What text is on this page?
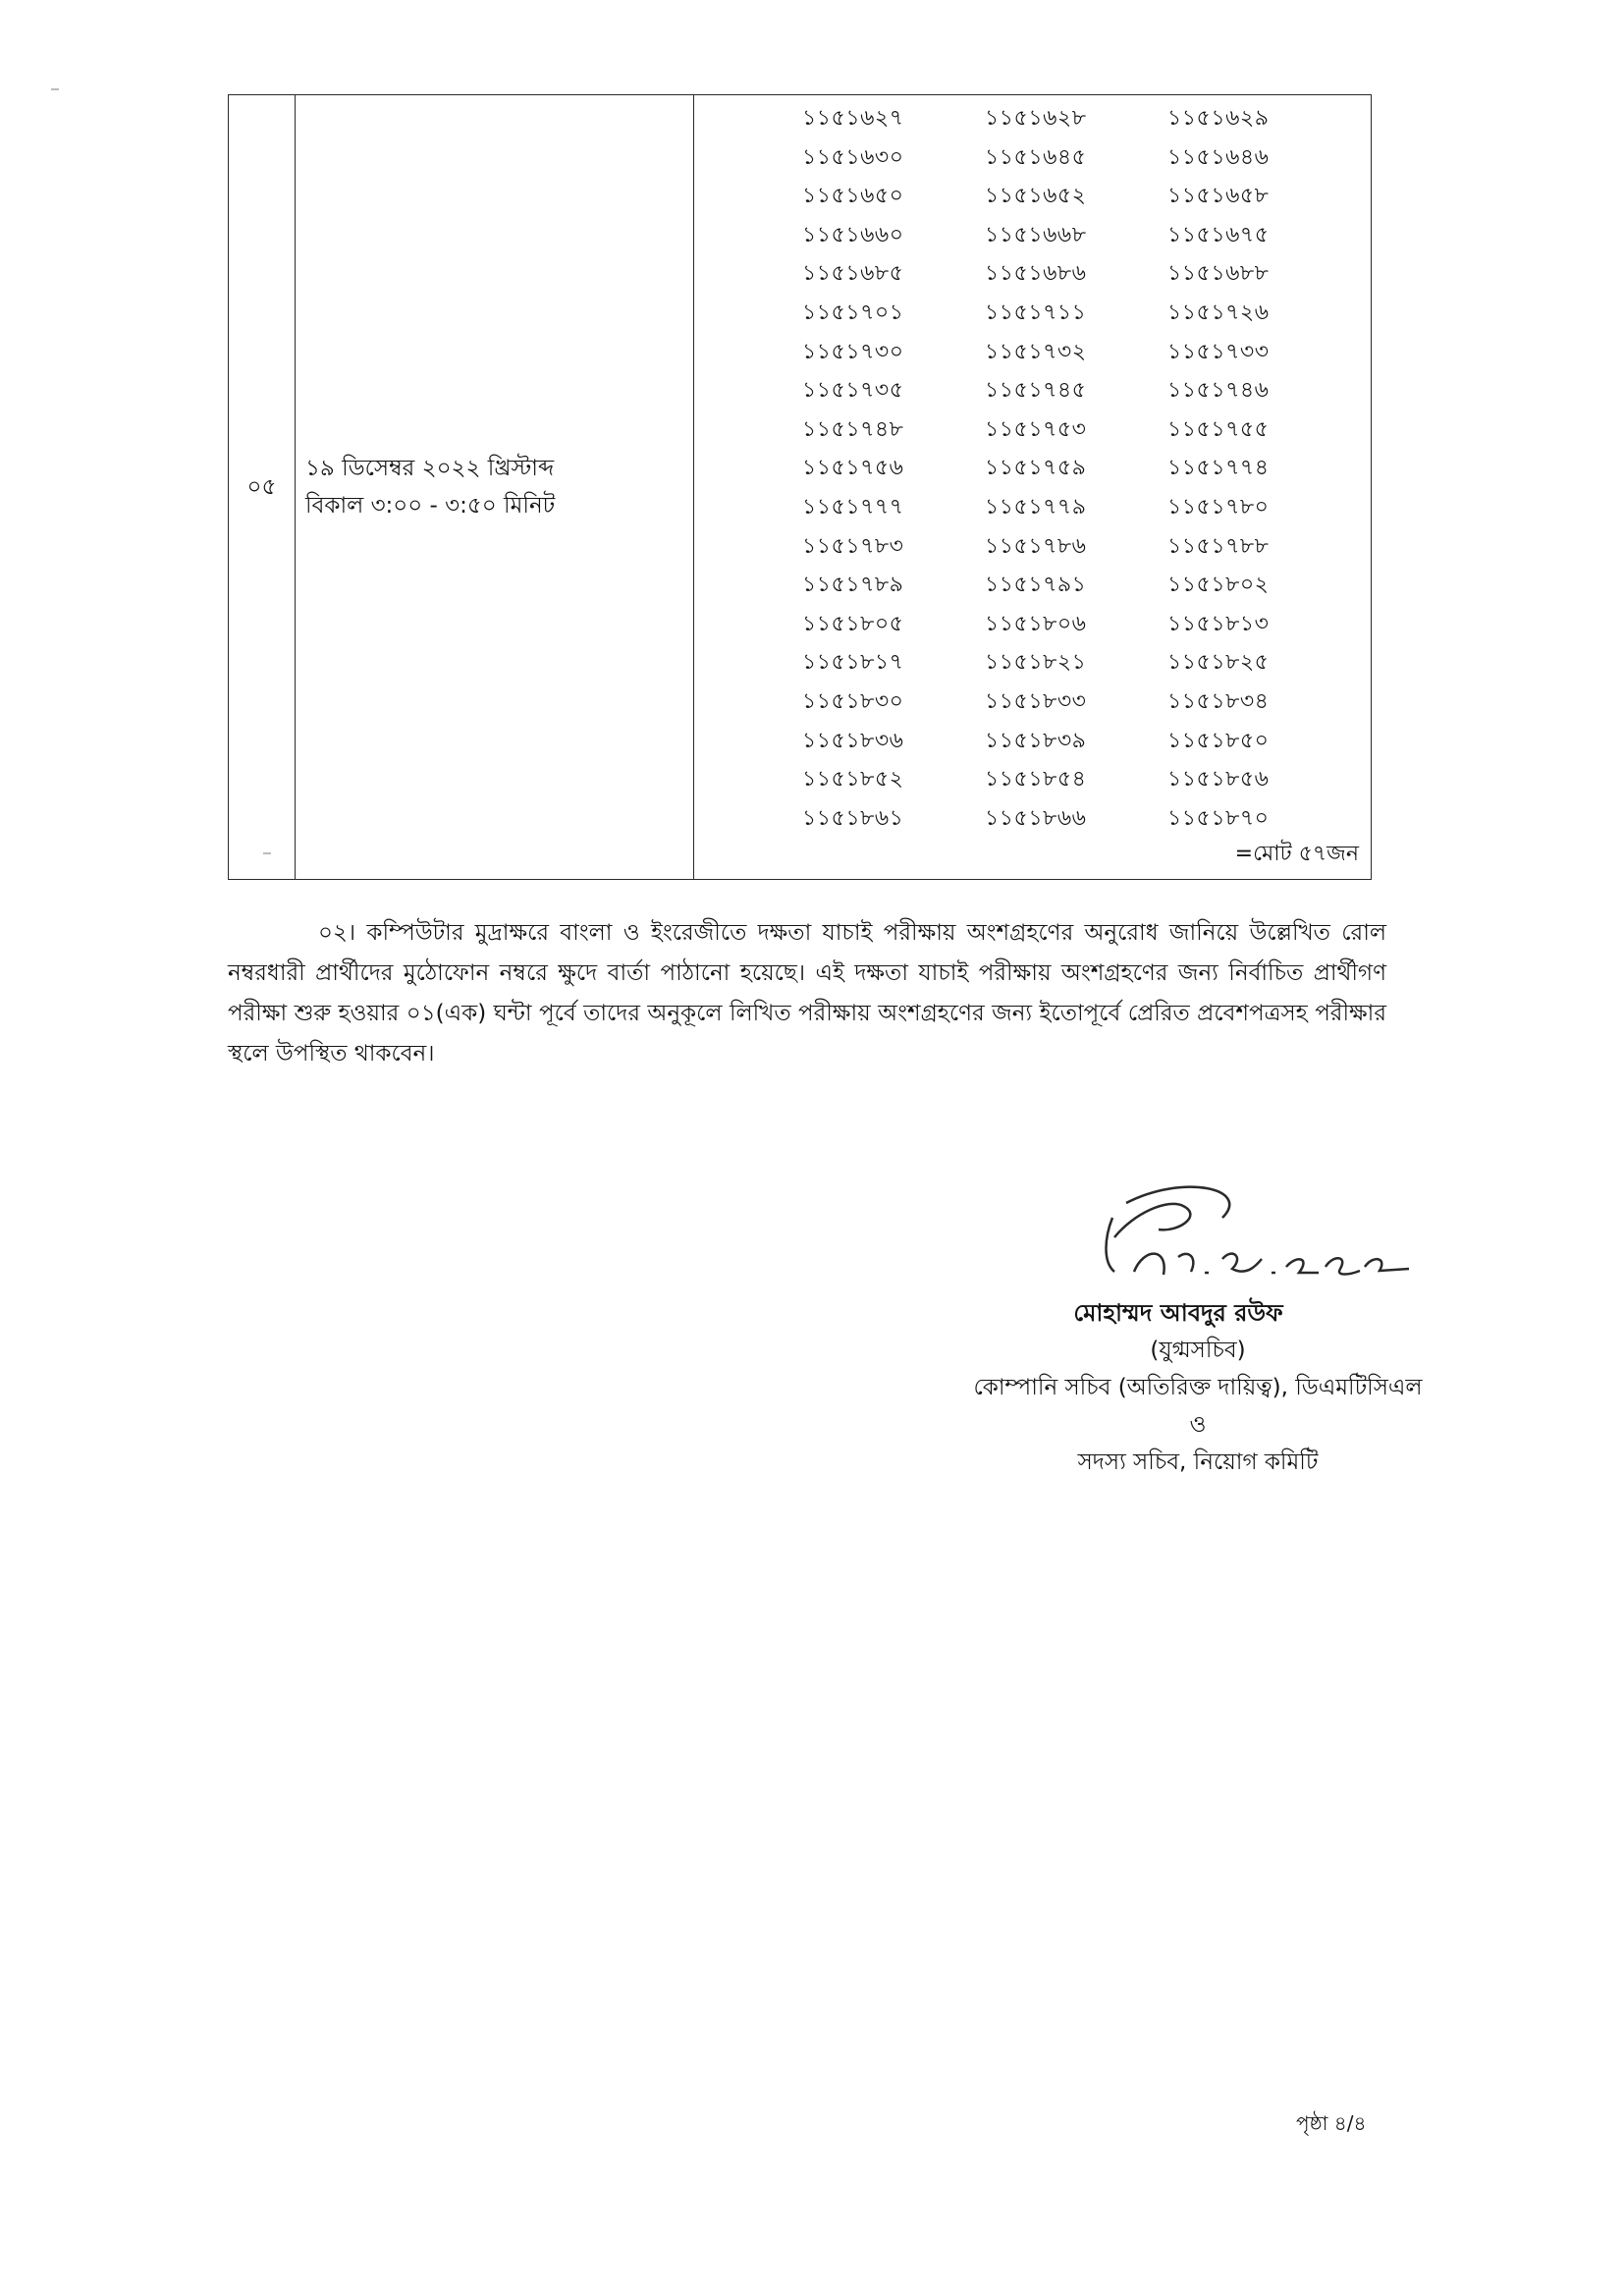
০৫	
১৯ ডিসেম্বর ২০২২ খ্রিস্টাব্দ
বিকাল ৩:০০ - ৩:৫০ মিনিট

১১৫১৬২৭	১১৫১৬২৮	১১৫১৬২৯
১১৫১৬৩০	১১৫১৬৪৫	১১৫১৬৪৬
১১৫১৬৫০	১১৫১৬৫২	১১৫১৬৫৮
১১৫১৬৬০	১১৫১৬৬৮	১১৫১৬৭৫
১১৫১৬৮৫	১১৫১৬৮৬	১১৫১৬৮৮
১১৫১৭০১	১১৫১৭১১	১১৫১৭২৬
১১৫১৭৩০	১১৫১৭৩২	১১৫১৭৩৩
১১৫১৭৩৫	১১৫১৭৪৫	১১৫১৭৪৬
১১৫১৭৪৮	১১৫১৭৫৩	১১৫১৭৫৫
১১৫১৭৫৬	১১৫১৭৫৯	১১৫১৭৭৪
১১৫১৭৭৭	১১৫১৭৭৯	১১৫১৭৮০
১১৫১৭৮৩	১১৫১৭৮৬	১১৫১৭৮৮
১১৫১৭৮৯	১১৫১৭৯১	১১৫১৮০২
১১৫১৮০৫	১১৫১৮০৬	১১৫১৮১৩
১১৫১৮১৭	১১৫১৮২১	১১৫১৮২৫
১১৫১৮৩০	১১৫১৮৩৩	১১৫১৮৩৪
১১৫১৮৩৬	১১৫১৮৩৯	১১৫১৮৫০
১১৫১৮৫২	১১৫১৮৫৪	১১৫১৮৫৬
১১৫১৮৬১	১১৫১৮৬৬	১১৫১৮৭০
=মোট ৫৭জন
০২। কম্পিউটার মুদ্রাক্ষরে বাংলা ও ইংরেজীতে দক্ষতা যাচাই পরীক্ষায় অংশগ্রহণের অনুরোধ জানিয়ে উল্লেখিত রোল নম্বরধারী প্রার্থীদের মুঠোফোন নম্বরে ক্ষুদে বার্তা পাঠানো হয়েছে। এই দক্ষতা যাচাই পরীক্ষায় অংশগ্রহণের জন্য নির্বাচিত প্রার্থীগণ পরীক্ষা শুরু হওয়ার ০১(এক) ঘন্টা পূর্বে তাদের অনুকূলে লিখিত পরীক্ষায় অংশগ্রহণের জন্য ইতোপূর্বে প্রেরিত প্রবেশপত্রসহ পরীক্ষার স্থলে উপস্থিত থাকবেন।
মোহাম্মদ আবদুর রউফ
(যুগ্মসচিব)
কোম্পানি সচিব (অতিরিক্ত দায়িত্ব), ডিএমটিসিএল
ও
সদস্য সচিব, নিয়োগ কমিটি
পৃষ্ঠা ৪/৪
